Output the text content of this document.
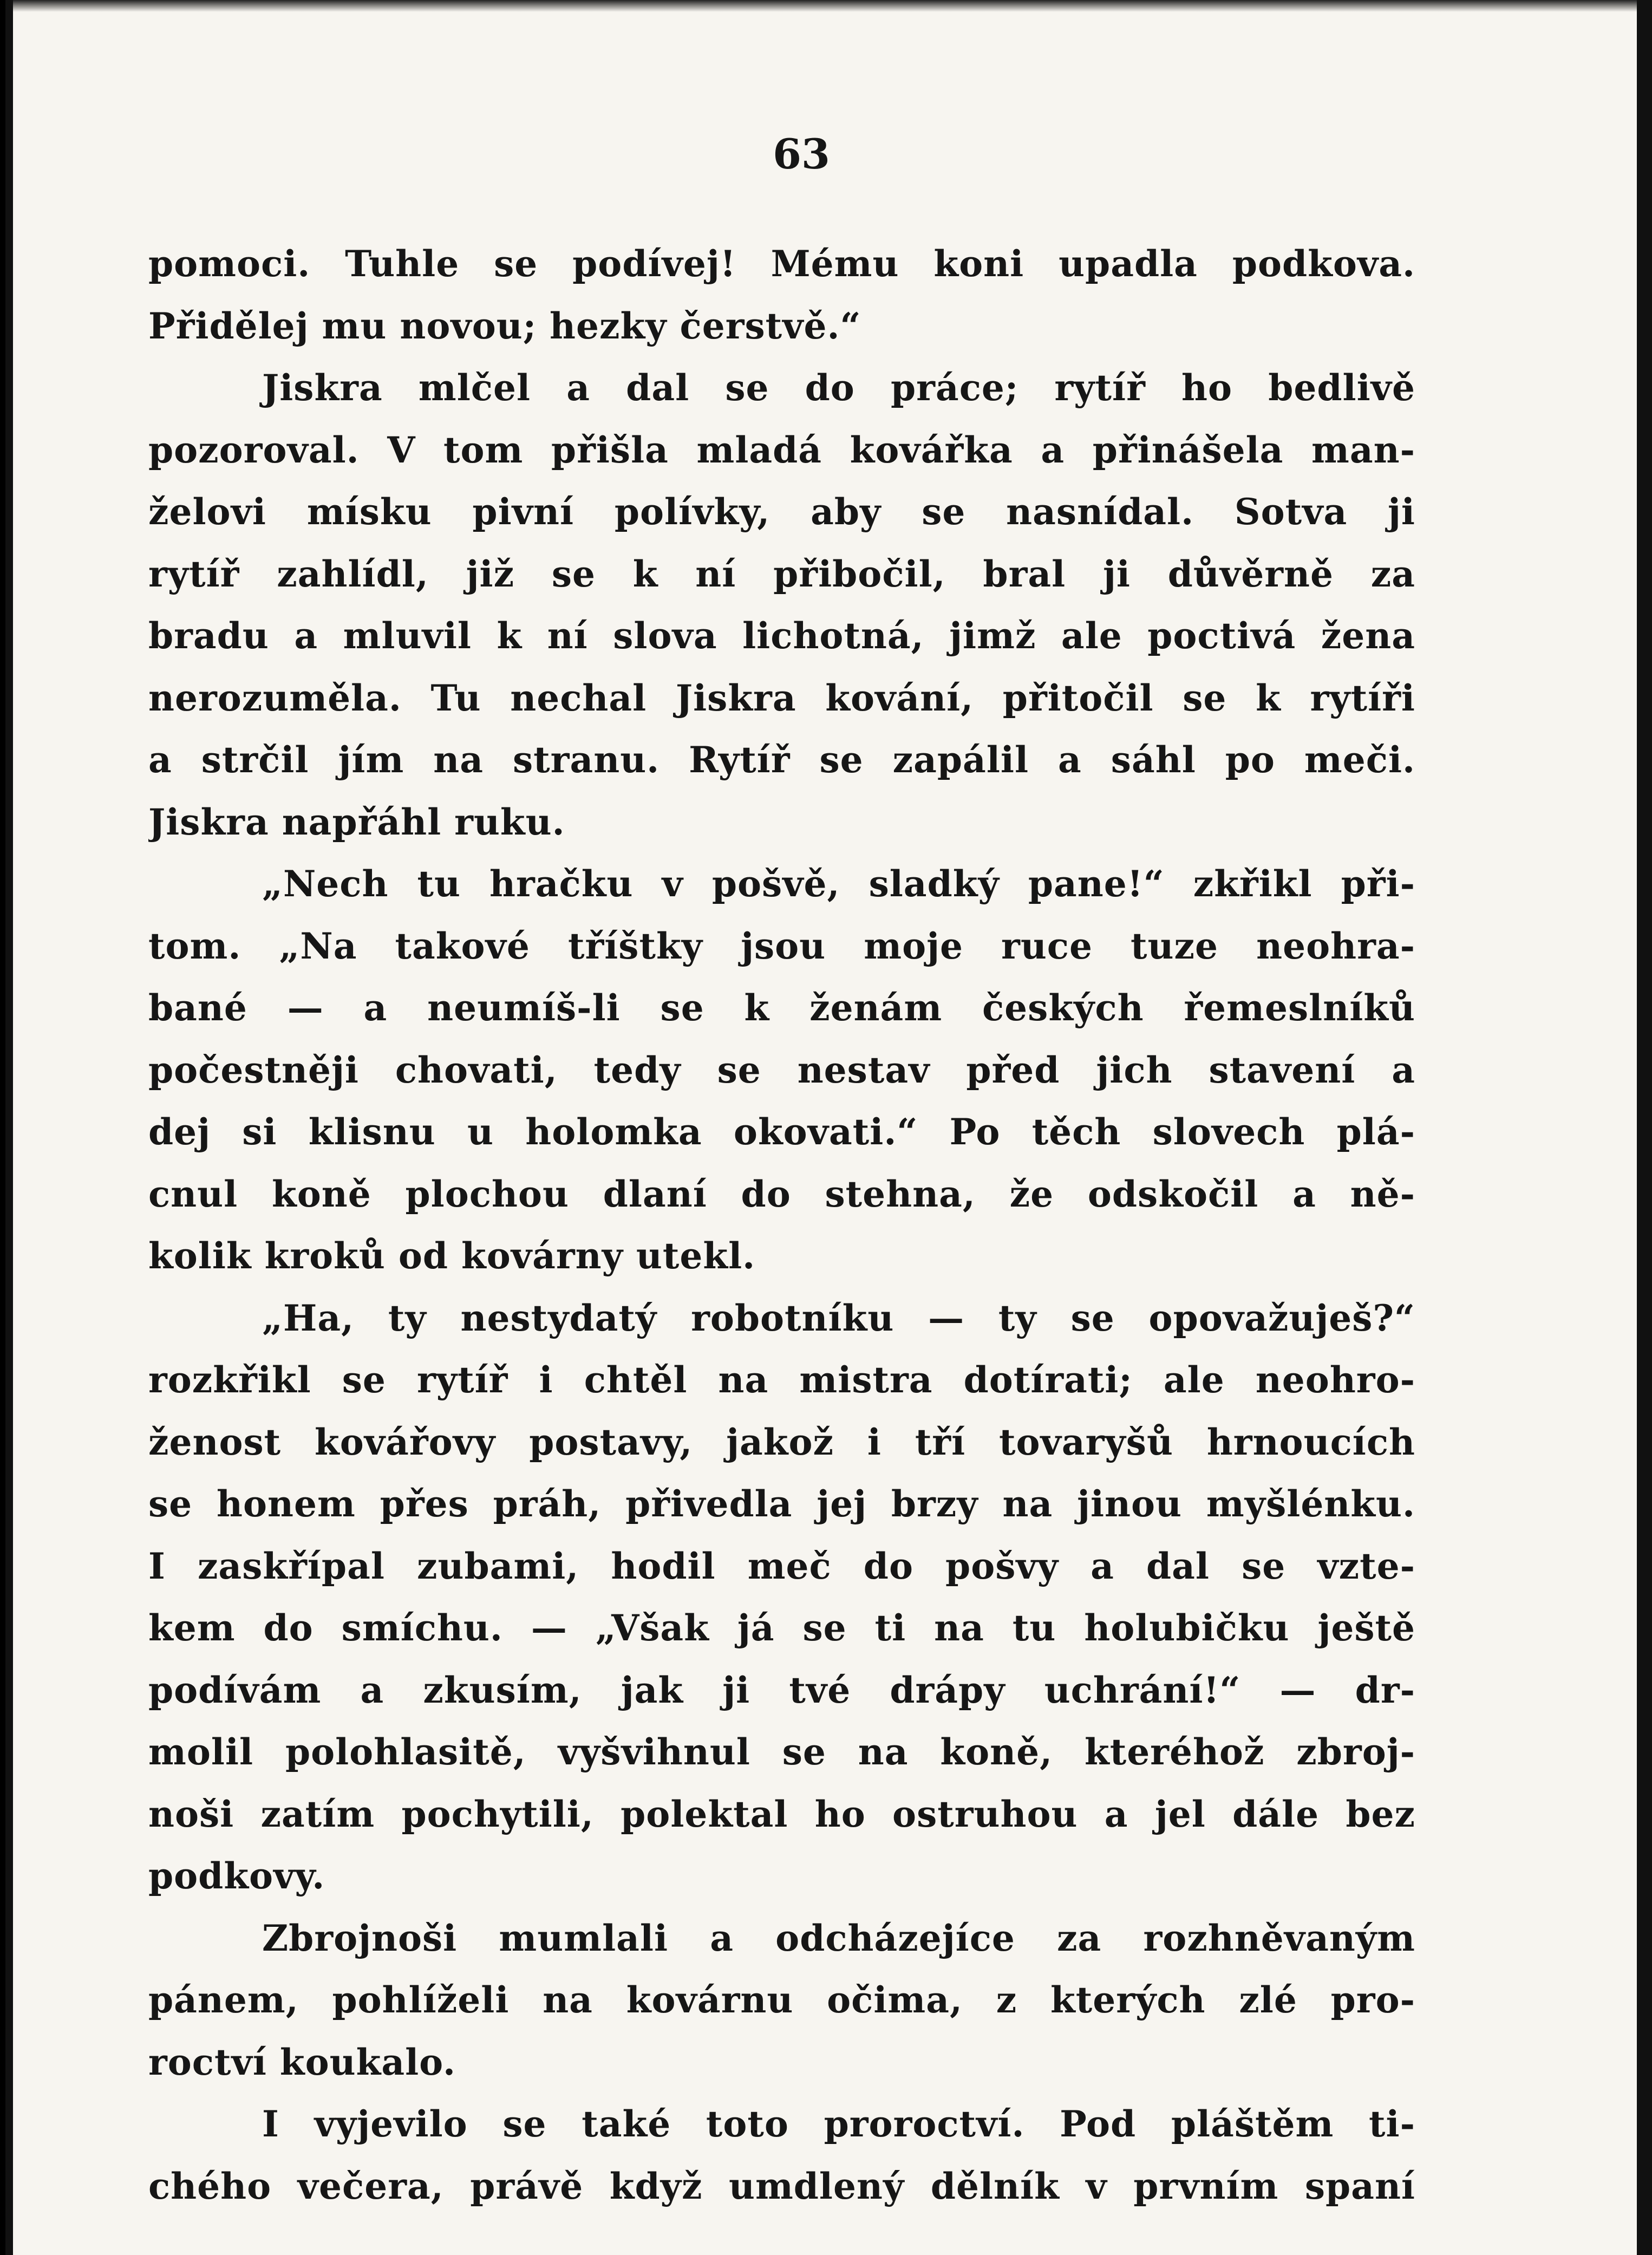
63
pomoci. Tuhle se podívej! Mému koni upadla podkova.
Přidělej mu novou; hezky čerstvě.“
Jiskra mlčel a dal se do práce; rytíř ho bedlivě
pozoroval. V tom přišla mladá kovářka a přinášela man-
želovi mísku pivní polívky, aby se nasnídal. Sotva ji
rytíř zahlídl, již se k ní přibočil, bral ji důvěrně za
bradu a mluvil k ní slova lichotná, jimž ale poctivá žena
nerozuměla. Tu nechal Jiskra kování, přitočil se k rytíři
a strčil jím na stranu. Rytíř se zapálil a sáhl po meči.
Jiskra napřáhl ruku.
„Nech tu hračku v pošvě, sladký pane!“ zkřikl při-
tom. „Na takové tříštky jsou moje ruce tuze neohra-
bané — a neumíš-li se k ženám českých řemeslníků
počestněji chovati, tedy se nestav před jich stavení a
dej si klisnu u holomka okovati.“ Po těch slovech plá-
cnul koně plochou dlaní do stehna, že odskočil a ně-
kolik kroků od kovárny utekl.
„Ha, ty nestydatý robotníku — ty se opovažuješ?“
rozkřikl se rytíř i chtěl na mistra dotírati; ale neohro-
ženost kovářovy postavy, jakož i tří tovaryšů hrnoucích
se honem přes práh, přivedla jej brzy na jinou myšlénku.
I zaskřípal zubami, hodil meč do pošvy a dal se vzte-
kem do smíchu. — „Však já se ti na tu holubičku ještě
podívám a zkusím, jak ji tvé drápy uchrání!“ — dr-
molil polohlasitě, vyšvihnul se na koně, kteréhož zbroj-
noši zatím pochytili, polektal ho ostruhou a jel dále bez
podkovy.
Zbrojnoši mumlali a odcházejíce za rozhněvaným
pánem, pohlíželi na kovárnu očima, z kterých zlé pro-
roctví koukalo.
I vyjevilo se také toto proroctví. Pod pláštěm ti-
chého večera, právě když umdlený dělník v prvním spaní
